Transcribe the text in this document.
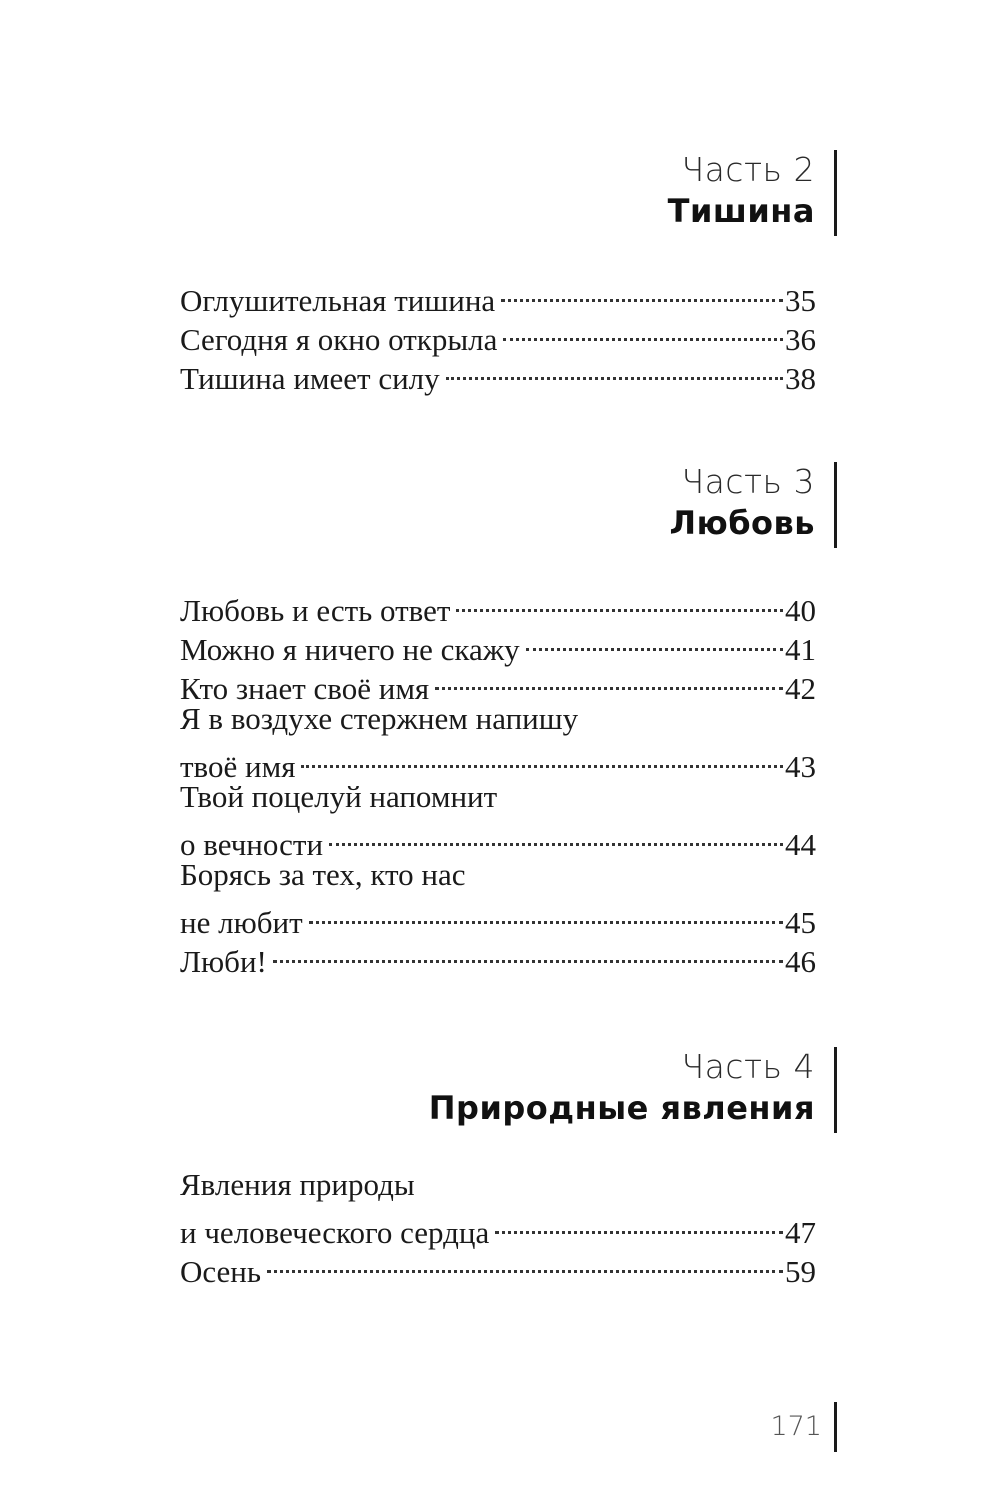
Часть 2
Тишина
Оглушительная тишина	35
Сегодня я окно открыла	36
Тишина имеет силу	38
Часть 3
Любовь
Любовь и есть ответ	40
Можно я ничего не скажу	41
Кто знает своё имя	42
Я в воздухе стержнем напишу
твоё имя	43
Твой поцелуй напомнит
о вечности	44
Борясь за тех, кто нас
не любит	45
Люби!	46
Часть 4
Природные явления
Явления природы
и человеческого сердца	47
Осень	59
171
